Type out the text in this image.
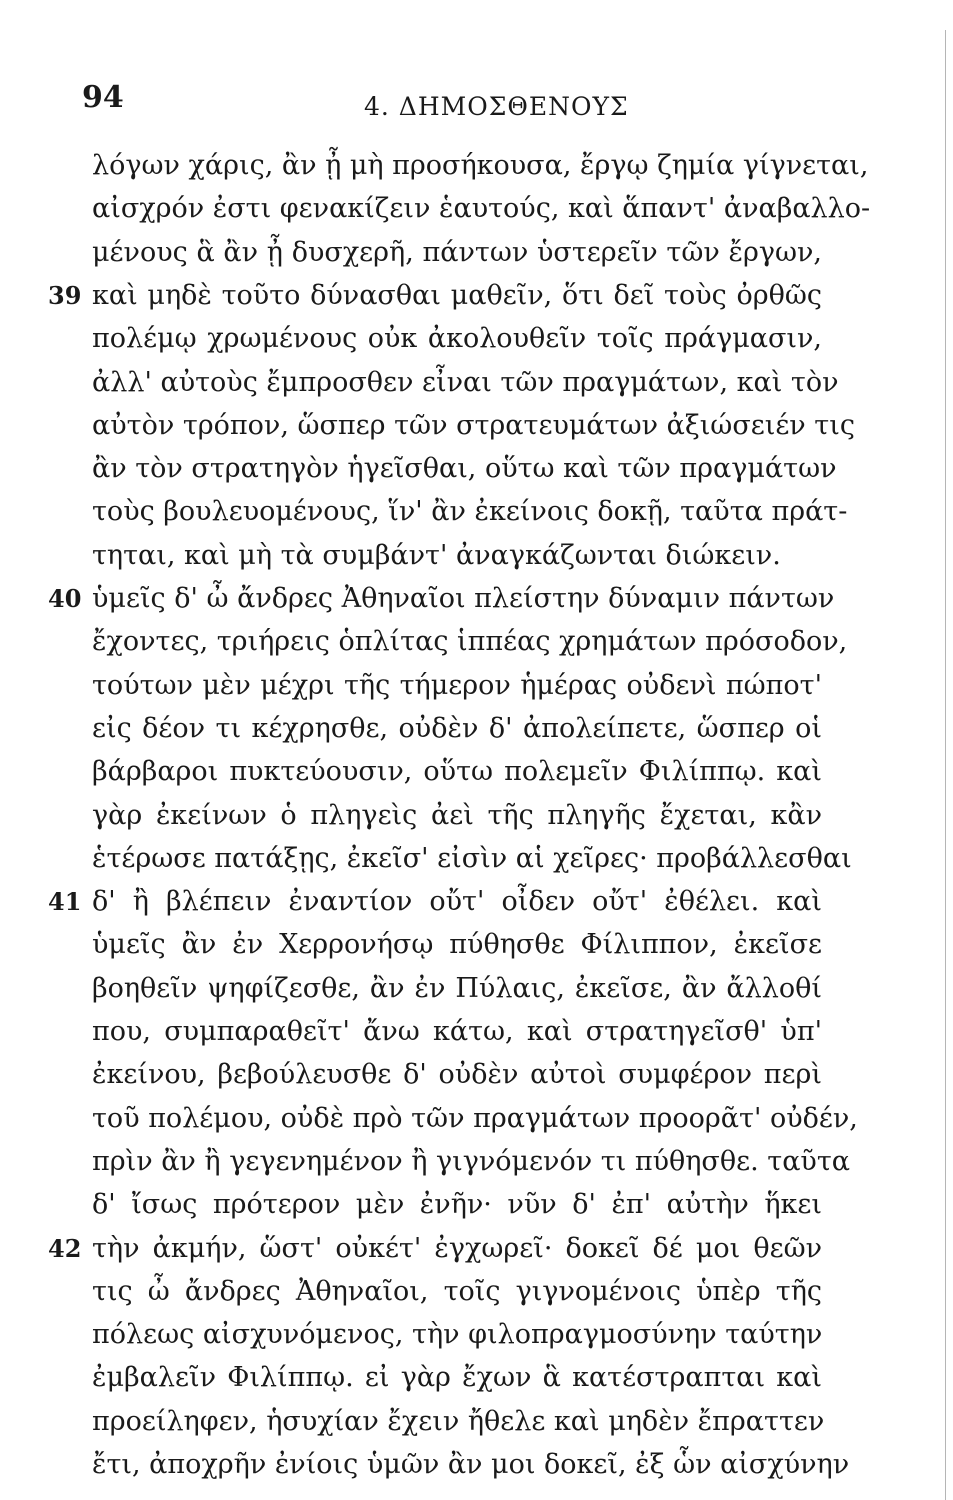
94	4. ΔΗΜΟΣΘΕΝΟΥΣ
39
40
41
42
λόγων χάρις, ἂν ᾖ μὴ προσήκουσα, ἔργῳ ζημία γίγνεται,
αἰσχρόν ἐστι φενακίζειν ἑαυτούς, καὶ ἅπαντ' ἀναβαλλο-
μένους ἃ ἂν ᾖ δυσχερῆ, πάντων ὑστερεῖν τῶν ἔργων,
καὶ μηδὲ τοῦτο δύνασθαι μαθεῖν, ὅτι δεῖ τοὺς ὀρθῶς
πολέμῳ χρωμένους οὐκ ἀκολουθεῖν τοῖς πράγμασιν,
ἀλλ' αὐτοὺς ἔμπροσθεν εἶναι τῶν πραγμάτων, καὶ τὸν
αὐτὸν τρόπον, ὥσπερ τῶν στρατευμάτων ἀξιώσειέν τις
ἂν τὸν στρατηγὸν ἡγεῖσθαι, οὕτω καὶ τῶν πραγμάτων
τοὺς βουλευομένους, ἵν' ἂν ἐκείνοις δοκῇ, ταῦτα πράτ-
τηται, καὶ μὴ τὰ συμβάντ' ἀναγκάζωνται διώκειν.
ὑμεῖς δ' ὦ ἄνδρες Ἀθηναῖοι πλείστην δύναμιν πάντων
ἔχοντες, τριήρεις ὁπλίτας ἱππέας χρημάτων πρόσοδον,
τούτων μὲν μέχρι τῆς τήμερον ἡμέρας οὐδενὶ πώποτ'
εἰς δέον τι κέχρησθε, οὐδὲν δ' ἀπολείπετε, ὥσπερ οἱ
βάρβαροι πυκτεύουσιν, οὕτω πολεμεῖν Φιλίππῳ. καὶ
γὰρ ἐκείνων ὁ πληγεὶς ἀεὶ τῆς πληγῆς ἔχεται, κἂν
ἑτέρωσε πατάξῃς, ἐκεῖσ' εἰσὶν αἱ χεῖρες· προβάλλεσθαι
δ' ἢ βλέπειν ἐναντίον οὔτ' οἶδεν οὔτ' ἐθέλει. καὶ
ὑμεῖς ἂν ἐν Χερρονήσῳ πύθησθε Φίλιππον, ἐκεῖσε
βοηθεῖν ψηφίζεσθε, ἂν ἐν Πύλαις, ἐκεῖσε, ἂν ἄλλοθί
που, συμπαραθεῖτ' ἄνω κάτω, καὶ στρατηγεῖσθ' ὑπ'
ἐκείνου, βεβούλευσθε δ' οὐδὲν αὐτοὶ συμφέρον περὶ
τοῦ πολέμου, οὐδὲ πρὸ τῶν πραγμάτων προορᾶτ' οὐδέν,
πρὶν ἂν ἢ γεγενημένον ἢ γιγνόμενόν τι πύθησθε. ταῦτα
δ' ἴσως πρότερον μὲν ἐνῆν· νῦν δ' ἐπ' αὐτὴν ἥκει
τὴν ἀκμήν, ὥστ' οὐκέτ' ἐγχωρεῖ· δοκεῖ δέ μοι θεῶν
τις ὦ ἄνδρες Ἀθηναῖοι, τοῖς γιγνομένοις ὑπὲρ τῆς
πόλεως αἰσχυνόμενος, τὴν φιλοπραγμοσύνην ταύτην
ἐμβαλεῖν Φιλίππῳ. εἰ γὰρ ἔχων ἃ κατέστραπται καὶ
προείληφεν, ἡσυχίαν ἔχειν ἤθελε καὶ μηδὲν ἔπραττεν
ἔτι, ἀποχρῆν ἐνίοις ὑμῶν ἂν μοι δοκεῖ, ἐξ ὧν αἰσχύνην
